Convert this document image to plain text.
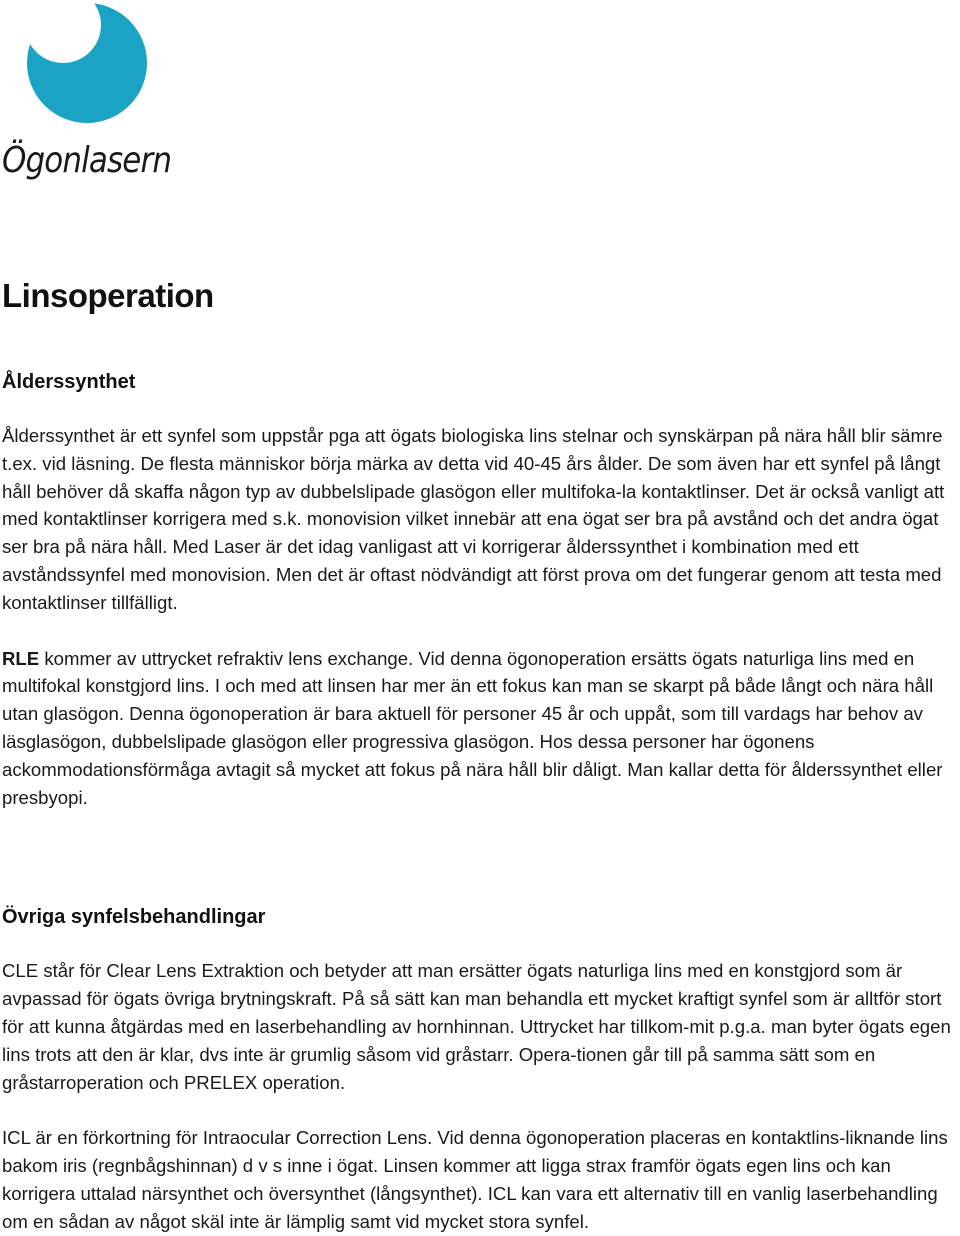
Ögonlasern
Linsoperation
Ålderssynthet

Ålderssynthet är ett synfel som uppstår pga att ögats biologiska lins stelnar och synskärpan på nära håll blir sämre t.ex. vid läsning. De flesta människor börja märka av detta vid 40-45 års ålder. De som även har ett synfel på långt håll behöver då skaffa någon typ av dubbelslipade glasögon eller multifoka-la kontaktlinser. Det är också vanligt att med kontaktlinser korrigera med s.k. monovision vilket innebär att ena ögat ser bra på avstånd och det andra ögat ser bra på nära håll. Med Laser är det idag vanligast att vi korrigerar ålderssynthet i kombination med ett avståndssynfel med monovision. Men det är oftast nödvändigt att först prova om det fungerar genom att testa med kontaktlinser tillfälligt.

RLE kommer av uttrycket refraktiv lens exchange. Vid denna ögonoperation ersätts ögats naturliga lins med en multifokal konstgjord lins. I och med att linsen har mer än ett fokus kan man se skarpt på både långt och nära håll utan glasögon. Denna ögonoperation är bara aktuell för personer 45 år och uppåt, som till vardags har behov av läsglasögon, dubbelslipade glasögon eller progressiva glasögon. Hos dessa personer har ögonens ackommodationsförmåga avtagit så mycket att fokus på nära håll blir dåligt. Man kallar detta för ålderssynthet eller presbyopi.

Övriga synfelsbehandlingar

CLE står för Clear Lens Extraktion och betyder att man ersätter ögats naturliga lins med en konstgjord som är avpassad för ögats övriga brytningskraft. På så sätt kan man behandla ett mycket kraftigt synfel som är alltför stort för att kunna åtgärdas med en laserbehandling av hornhinnan. Uttrycket har tillkom-mit p.g.a. man byter ögats egen lins trots att den är klar, dvs inte är grumlig såsom vid gråstarr. Opera-tionen går till på samma sätt som en gråstarroperation och PRELEX operation.

ICL är en förkortning för Intraocular Correction Lens. Vid denna ögonoperation placeras en kontaktlins-liknande lins bakom iris (regnbågshinnan) d v s inne i ögat. Linsen kommer att ligga strax framför ögats egen lins och kan korrigera uttalad närsynthet och översynthet (långsynthet). ICL kan vara ett alternativ till en vanlig laserbehandling om en sådan av något skäl inte är lämplig samt vid mycket stora synfel.
